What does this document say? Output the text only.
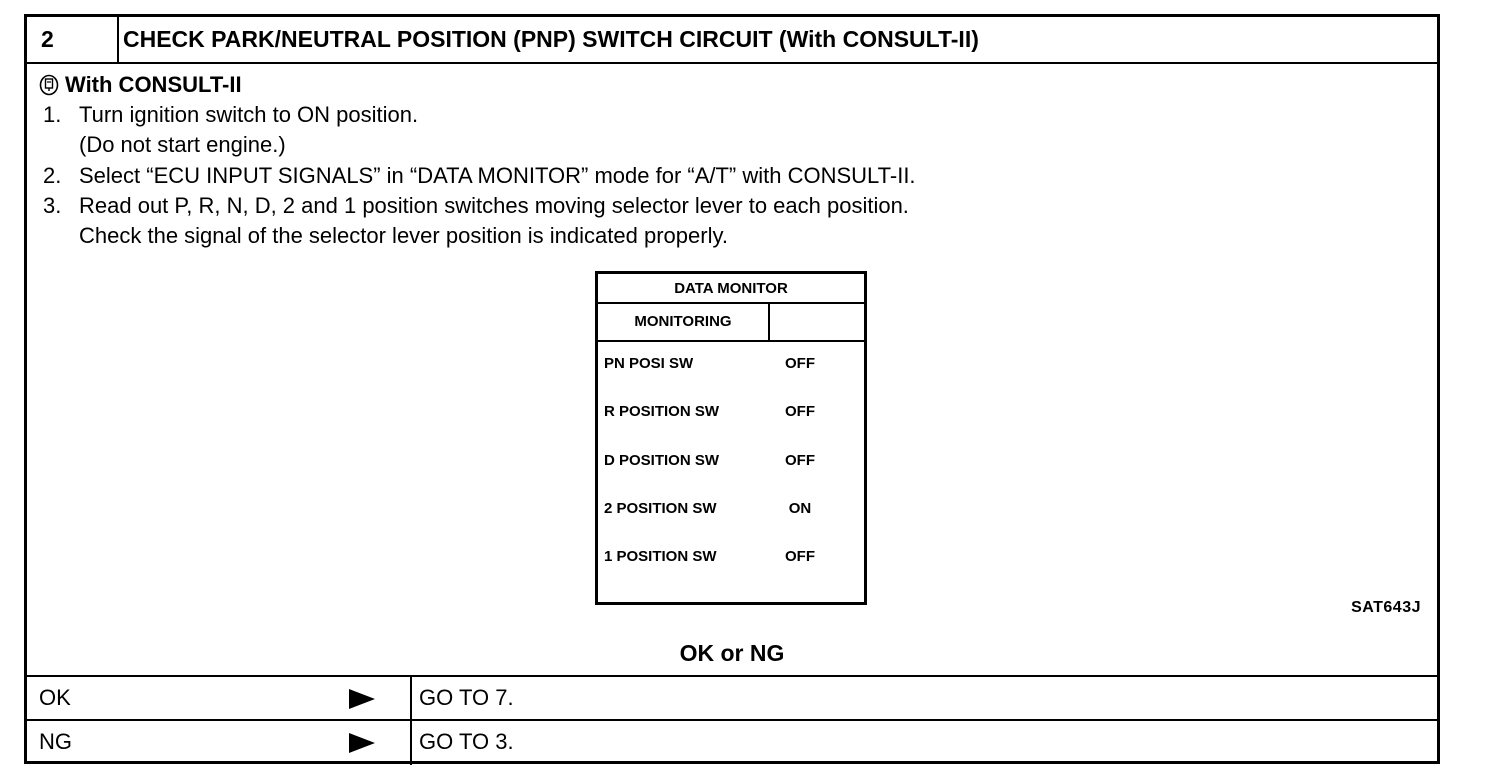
2	CHECK PARK/NEUTRAL POSITION (PNP) SWITCH CIRCUIT (With CONSULT-II)
With CONSULT-II
1. Turn ignition switch to ON position.
(Do not start engine.)
2. Select “ECU INPUT SIGNALS” in “DATA MONITOR” mode for “A/T” with CONSULT-II.
3. Read out P, R, N, D, 2 and 1 position switches moving selector lever to each position.
Check the signal of the selector lever position is indicated properly.
DATA MONITOR
MONITORING
PN POSI SW	OFF
R POSITION SW	OFF
D POSITION SW	OFF
2 POSITION SW	ON
1 POSITION SW	OFF
SAT643J
OK or NG
OK	GO TO 7.
NG	GO TO 3.
